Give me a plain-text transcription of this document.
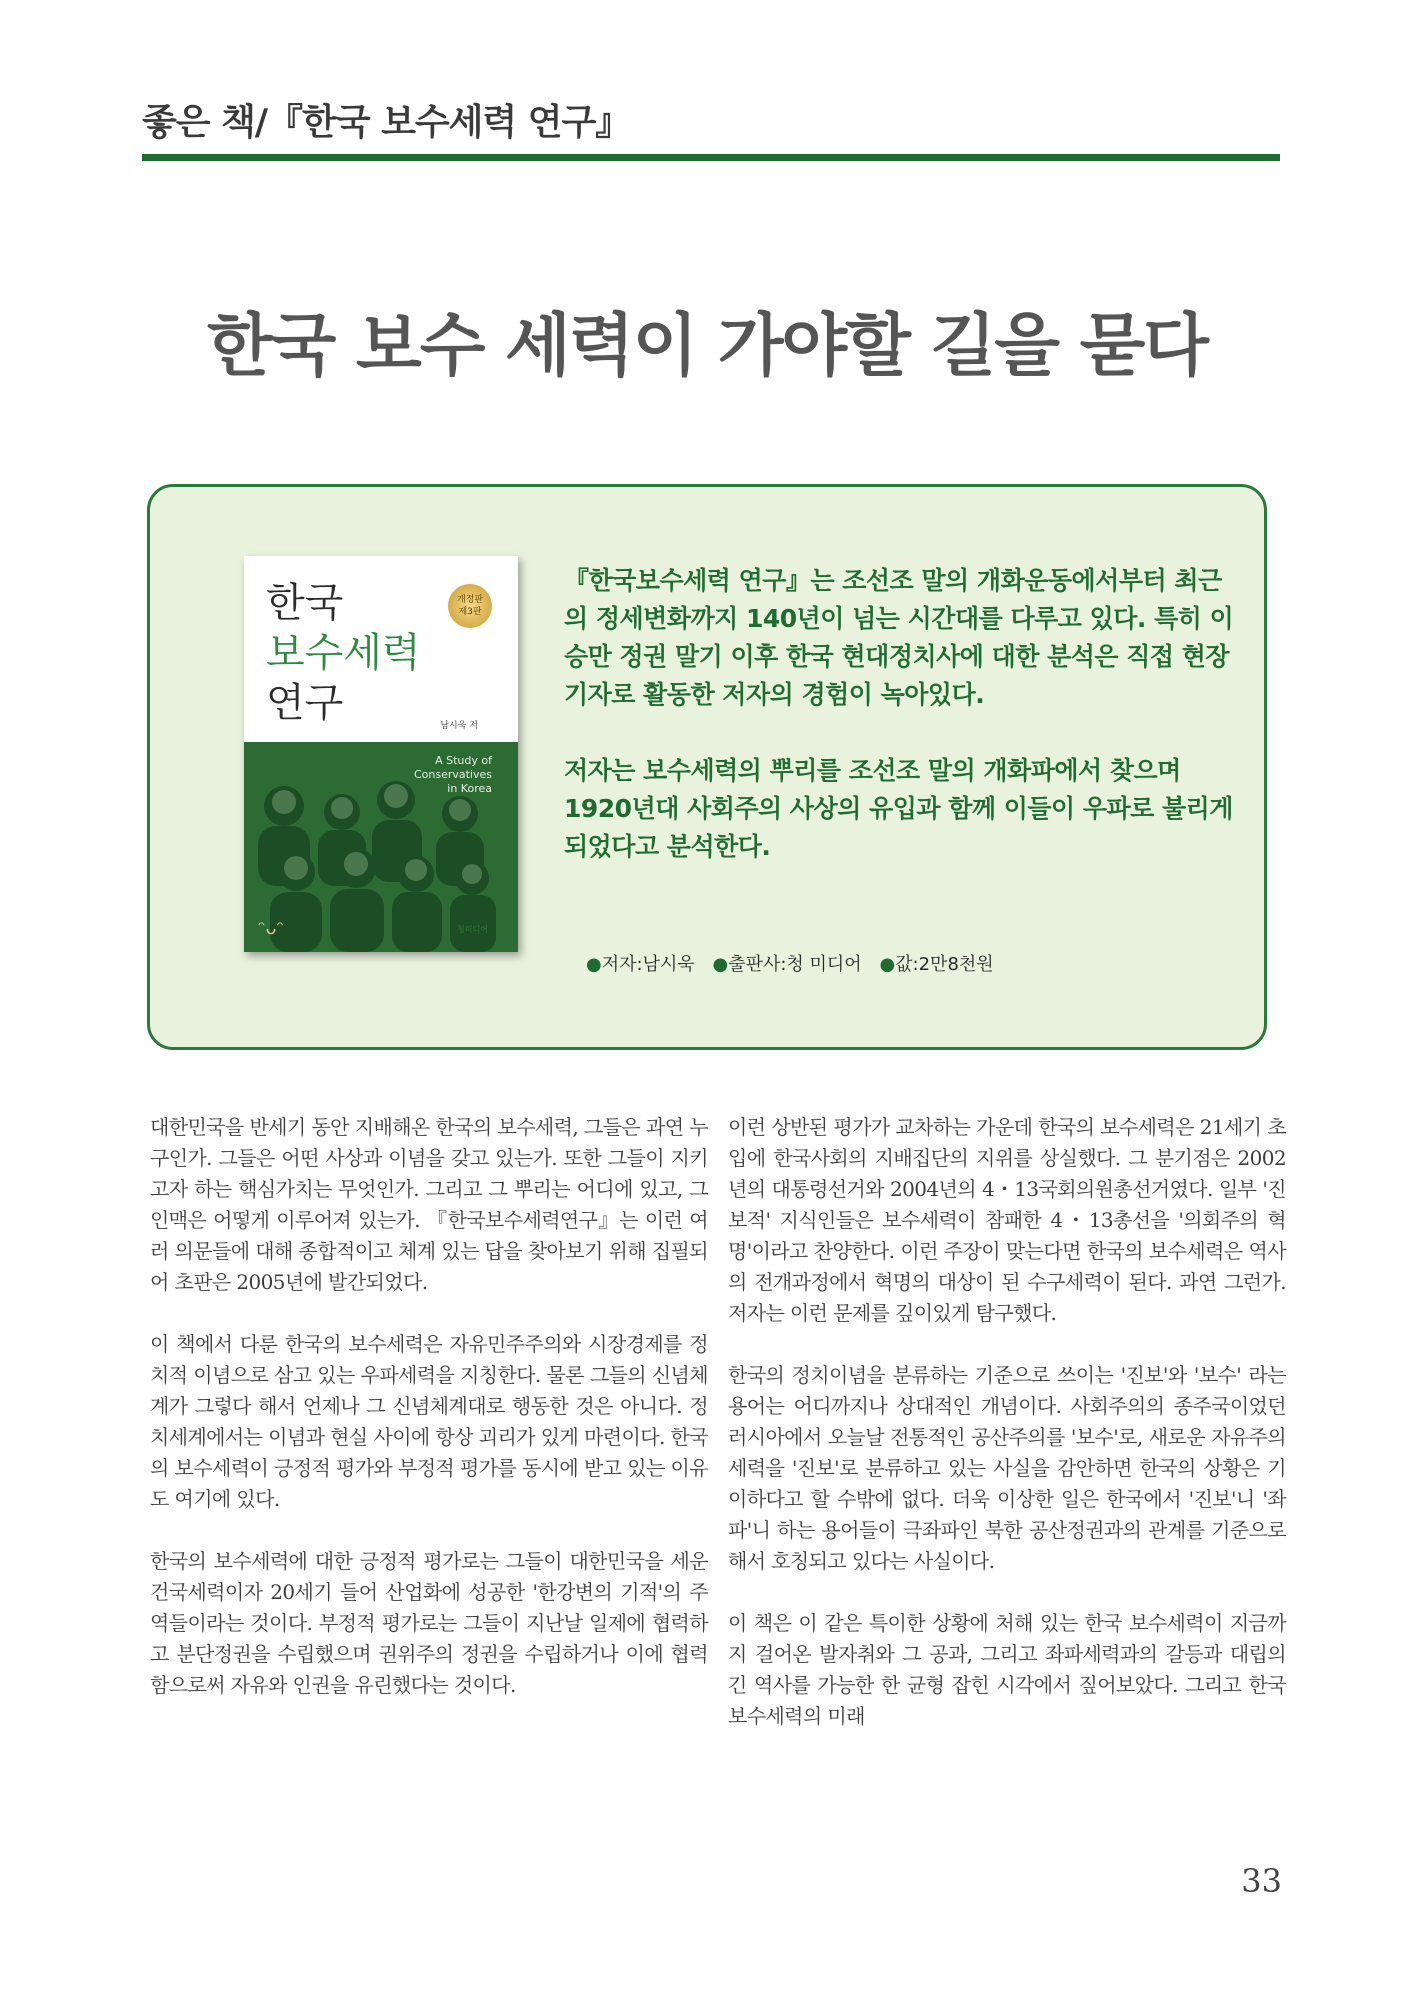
좋은 책/『한국 보수세력 연구』
한국 보수 세력이 가야할 길을 묻다
한국
보수세력
연구
개정판
제3판
남시욱 저
A Study of
Conservatives
in Korea
ᵔᴗᵔ	청미디어

『한국보수세력 연구』는 조선조 말의 개화운동에서부터 최근의 정세변화까지 140년이 넘는 시간대를 다루고 있다. 특히 이승만 정권 말기 이후 한국 현대정치사에 대한 분석은 직접 현장기자로 활동한 저자의 경험이 녹아있다.

저자는 보수세력의 뿌리를 조선조 말의 개화파에서 찾으며 1920년대 사회주의 사상의 유입과 함께 이들이 우파로 불리게 되었다고 분석한다.

●저자:남시욱 ●출판사:청 미디어 ●값:2만8천원

대한민국을 반세기 동안 지배해온 한국의 보수세력, 그들은 과연 누구인가. 그들은 어떤 사상과 이념을 갖고 있는가. 또한 그들이 지키고자 하는 핵심가치는 무엇인가. 그리고 그 뿌리는 어디에 있고, 그 인맥은 어떻게 이루어져 있는가. 『한국보수세력연구』는 이런 여러 의문들에 대해 종합적이고 체계 있는 답을 찾아보기 위해 집필되어 초판은 2005년에 발간되었다.

이 책에서 다룬 한국의 보수세력은 자유민주주의와 시장경제를 정치적 이념으로 삼고 있는 우파세력을 지칭한다. 물론 그들의 신념체계가 그렇다 해서 언제나 그 신념체계대로 행동한 것은 아니다. 정치세계에서는 이념과 현실 사이에 항상 괴리가 있게 마련이다. 한국의 보수세력이 긍정적 평가와 부정적 평가를 동시에 받고 있는 이유도 여기에 있다.

한국의 보수세력에 대한 긍정적 평가로는 그들이 대한민국을 세운 건국세력이자 20세기 들어 산업화에 성공한 '한강변의 기적'의 주역들이라는 것이다. 부정적 평가로는 그들이 지난날 일제에 협력하고 분단정권을 수립했으며 권위주의 정권을 수립하거나 이에 협력함으로써 자유와 인권을 유린했다는 것이다.

이런 상반된 평가가 교차하는 가운데 한국의 보수세력은 21세기 초입에 한국사회의 지배집단의 지위를 상실했다. 그 분기점은 2002년의 대통령선거와 2004년의 4・13국회의원총선거였다. 일부 '진보적' 지식인들은 보수세력이 참패한 4・13총선을 '의회주의 혁명'이라고 찬양한다. 이런 주장이 맞는다면 한국의 보수세력은 역사의 전개과정에서 혁명의 대상이 된 수구세력이 된다. 과연 그런가. 저자는 이런 문제를 깊이있게 탐구했다.

한국의 정치이념을 분류하는 기준으로 쓰이는 '진보'와 '보수' 라는 용어는 어디까지나 상대적인 개념이다. 사회주의의 종주국이었던 러시아에서 오늘날 전통적인 공산주의를 '보수'로, 새로운 자유주의세력을 '진보'로 분류하고 있는 사실을 감안하면 한국의 상황은 기이하다고 할 수밖에 없다. 더욱 이상한 일은 한국에서 '진보'니 '좌파'니 하는 용어들이 극좌파인 북한 공산정권과의 관계를 기준으로 해서 호칭되고 있다는 사실이다.

이 책은 이 같은 특이한 상황에 처해 있는 한국 보수세력이 지금까지 걸어온 발자취와 그 공과, 그리고 좌파세력과의 갈등과 대립의 긴 역사를 가능한 한 균형 잡힌 시각에서 짚어보았다. 그리고 한국 보수세력의 미래

33
